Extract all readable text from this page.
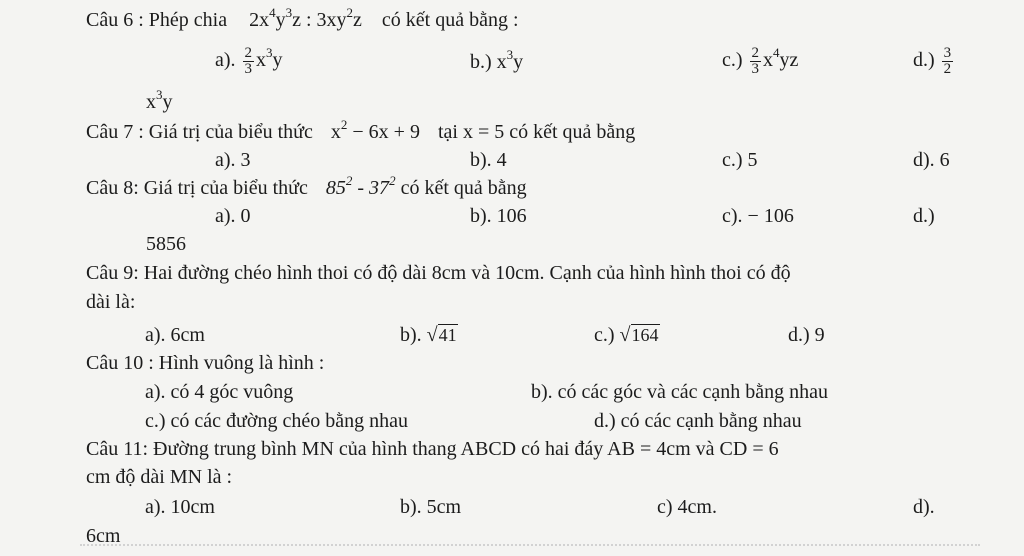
Câu 6 : Phép chia $2x^4y^3z$ : $3xy^2z$ có kết quả bằng :
a). $\frac{2}{3} x^3y$	b.) $x^3y$	$c.) \frac{2}{3} x^4yz$	$d.) \frac{3}{2}$
$x^3y$
Câu 7 : Giá trị của biểu thức $x^2 - 6x + 9$ tại x = 5 có kết quả bằng
a). 3	b). 4	c.) 5	d). 6
Câu 8: Giá trị của biểu thức $85^2 - 37^2$ có kết quả bằng
a). 0	b). 106	c). − 106	d.)
5856
Câu 9: Hai đường chéo hình thoi có độ dài 8cm và 10cm. Cạnh của hình hình thoi có độ
dài là:
a). 6cm	b). √41	c.) √164	d.) 9
Câu 10 : Hình vuông là hình :
a). có 4 góc vuông	b). có các góc và các cạnh bằng nhau
c.) có các đường chéo bằng nhau	d.) có các cạnh bằng nhau
Câu 11: Đường trung bình MN của hình thang ABCD có hai đáy AB = 4cm và CD = 6
cm độ dài MN là :
a). 10cm	b). 5cm	c) 4cm.	d).
6cm
